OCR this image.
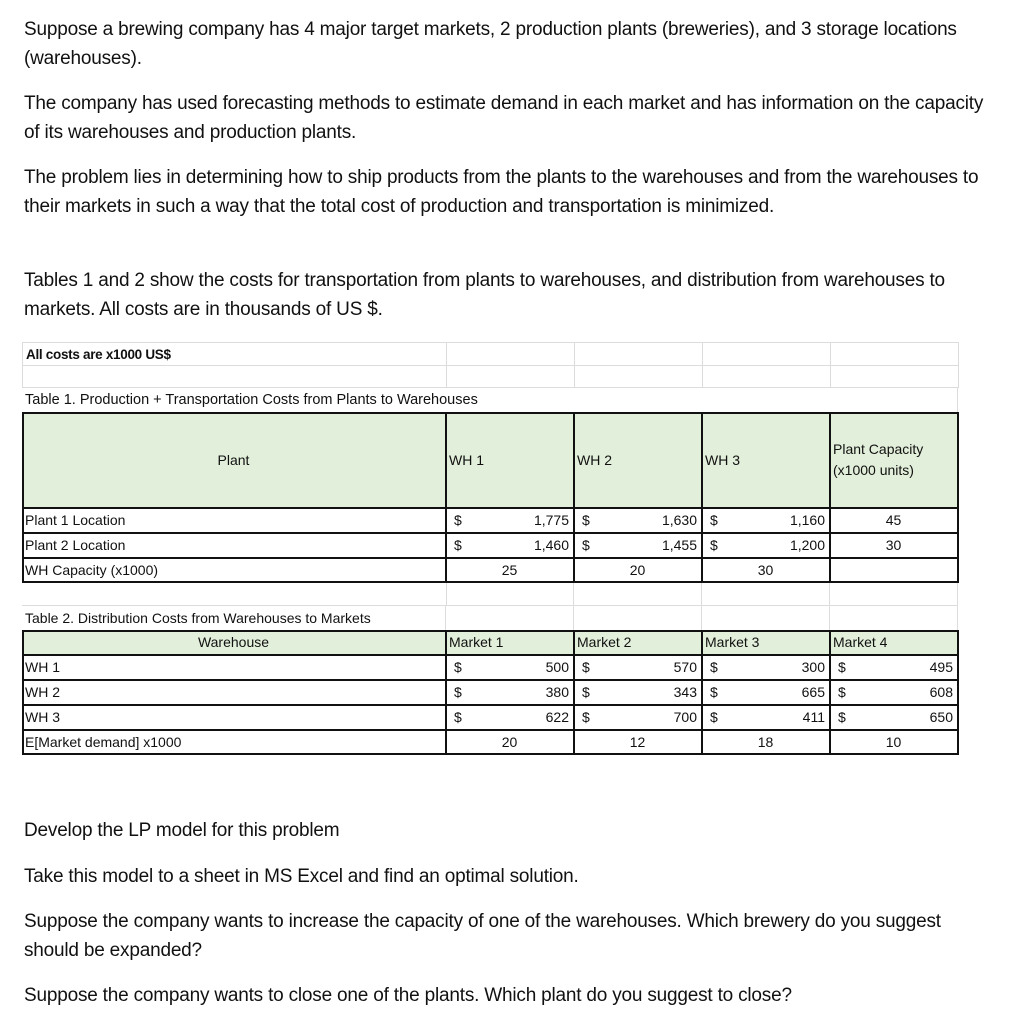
Suppose a brewing company has 4 major target markets, 2 production plants (breweries), and 3 storage locations (warehouses).

The company has used forecasting methods to estimate demand in each market and has information on the capacity of its warehouses and production plants.

The problem lies in determining how to ship products from the plants to the warehouses and from the warehouses to their markets in such a way that the total cost of production and transportation is minimized.

Tables 1 and 2 show the costs for transportation from plants to warehouses, and distribution from warehouses to markets. All costs are in thousands of US $.

All costs are x1000 US$
Table 1. Production + Transportation Costs from Plants to Warehouses
Plant	WH 1	WH 2	WH 3
Plant Capacity
(x1000 units)
Plant 1 Location	$	1,775 $	1,630 $	1,160	45
Plant 2 Location	$	1,460 $	1,455 $	1,200	30
WH Capacity (x1000)	25	20	30
Table 2. Distribution Costs from Warehouses to Markets
Warehouse	Market 1	Market 2	Market 3	Market 4
WH 1	$	500 $	570 $	300 $	495
WH 2	$	380 $	343 $	665 $	608
WH 3	$	622 $	700 $	411 $	650
E[Market demand] x1000	20	12	18	10

Develop the LP model for this problem

Take this model to a sheet in MS Excel and find an optimal solution.

Suppose the company wants to increase the capacity of one of the warehouses. Which brewery do you suggest should be expanded?

Suppose the company wants to close one of the plants. Which plant do you suggest to close?
